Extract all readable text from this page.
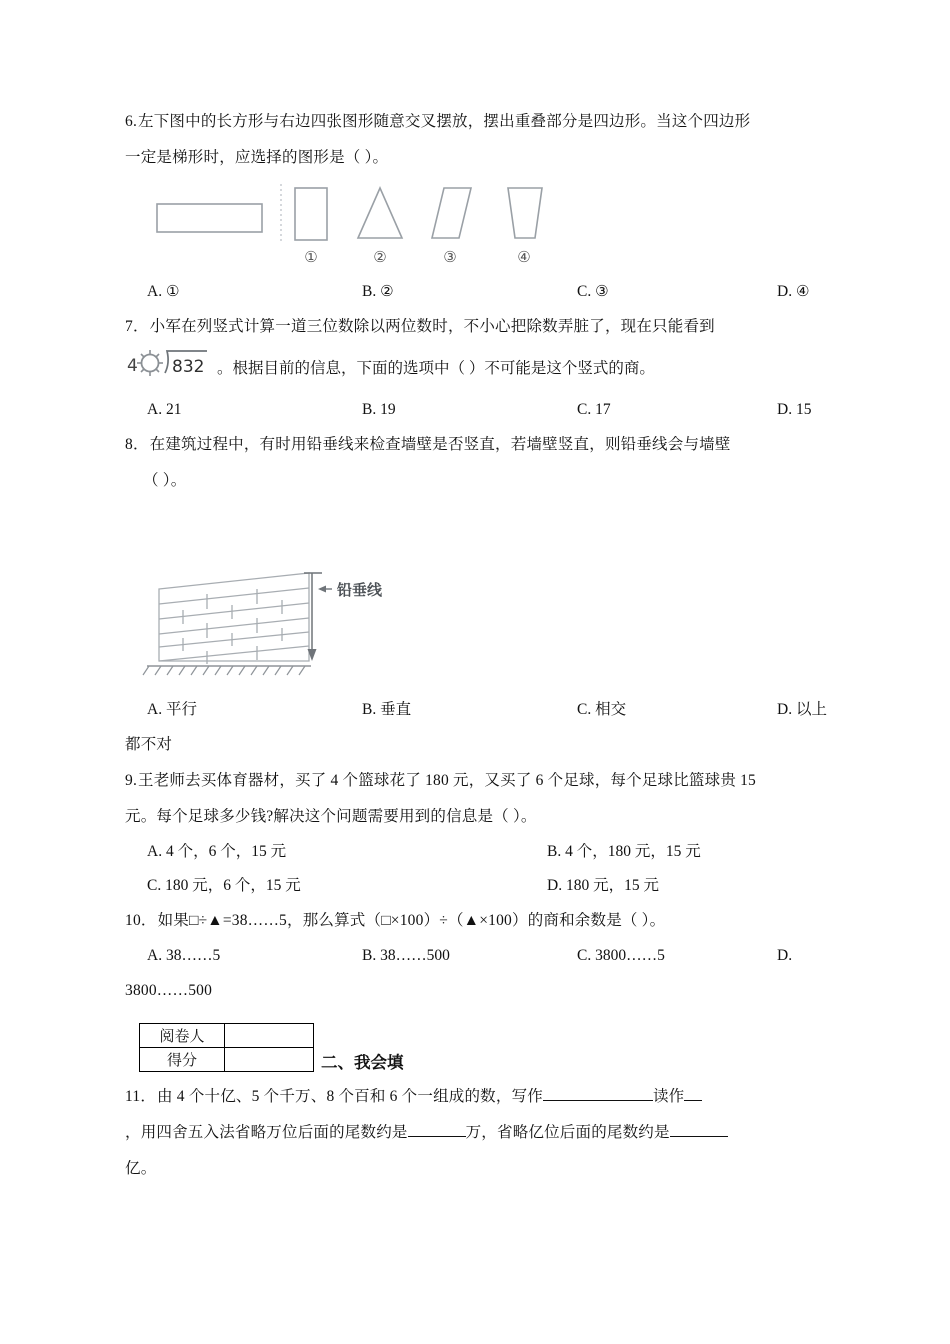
6.左下图中的长方形与右边四张图形随意交叉摆放，摆出重叠部分是四边形。当这个四边形
一定是梯形时，应选择的图形是（ ）。
①	②	③	④
A. ①	B. ②	C. ③	D. ④
7．小军在列竖式计算一道三位数除以两位数时，不小心把除数弄脏了，现在只能看到
4 832 。根据目前的信息，下面的选项中（ ）不可能是这个竖式的商。
A. 21	B. 19	C. 17	D. 15
8．在建筑过程中，有时用铅垂线来检查墙壁是否竖直，若墙壁竖直，则铅垂线会与墙壁
（ ）。
铅垂线
A. 平行	B. 垂直	C. 相交	D. 以上
都不对
9.王老师去买体育器材，买了 4 个篮球花了 180 元，又买了 6 个足球，每个足球比篮球贵 15
元。每个足球多少钱?解决这个问题需要用到的信息是（ ）。
A. 4 个，6 个，15 元	B. 4 个，180 元，15 元
C. 180 元，6 个，15 元	D. 180 元，15 元
10．如果□÷▲=38……5，那么算式（□×100）÷（▲×100）的商和余数是（ ）。
A. 38……5	B. 38……500	C. 3800……5	D.
3800……500
阅卷人	
得分		二、我会填
11．由 4 个十亿、5 个千万、8 个百和 6 个一组成的数，写作	读作
，用四舍五入法省略万位后面的尾数约是	万，省略亿位后面的尾数约是
亿。
